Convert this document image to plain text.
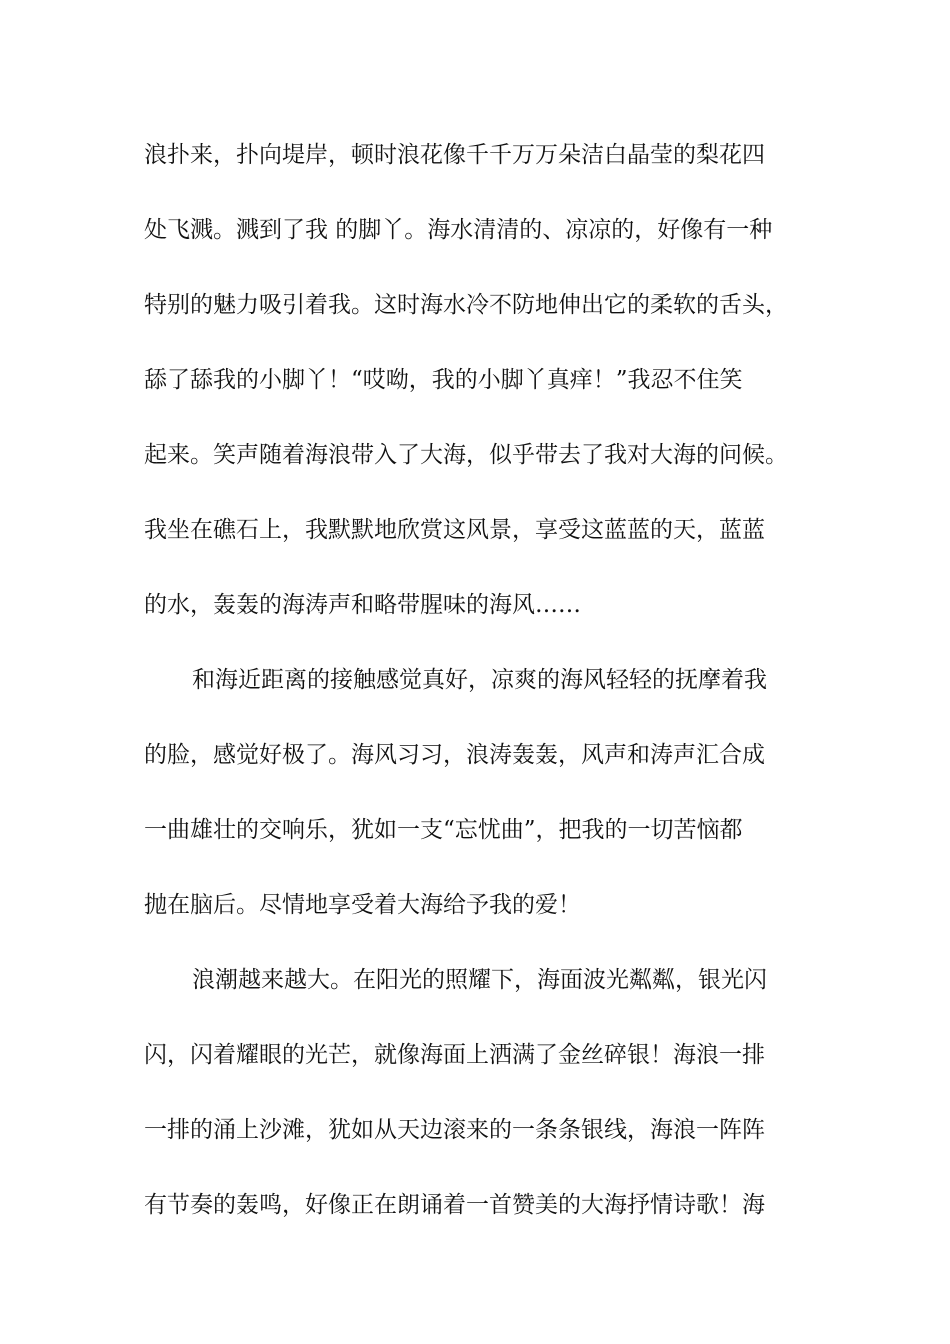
浪扑来，扑向堤岸，顿时浪花像千千万万朵洁白晶莹的梨花四
处飞溅。溅到了我 的脚丫。海水清清的、凉凉的，好像有一种
特别的魅力吸引着我。这时海水冷不防地伸出它的柔软的舌头，
舔了舔我的小脚丫！“哎呦，我的小脚丫真痒！”我忍不住笑
起来。笑声随着海浪带入了大海，似乎带去了我对大海的问候。
我坐在礁石上，我默默地欣赏这风景，享受这蓝蓝的天，蓝蓝
的水，轰轰的海涛声和略带腥味的海风……
和海近距离的接触感觉真好，凉爽的海风轻轻的抚摩着我
的脸，感觉好极了。海风习习，浪涛轰轰，风声和涛声汇合成
一曲雄壮的交响乐，犹如一支“忘忧曲”，把我的一切苦恼都
抛在脑后。尽情地享受着大海给予我的爱！
浪潮越来越大。在阳光的照耀下，海面波光粼粼，银光闪
闪，闪着耀眼的光芒，就像海面上洒满了金丝碎银！海浪一排
一排的涌上沙滩，犹如从天边滚来的一条条银线，海浪一阵阵
有节奏的轰鸣，好像正在朗诵着一首赞美的大海抒情诗歌！海
